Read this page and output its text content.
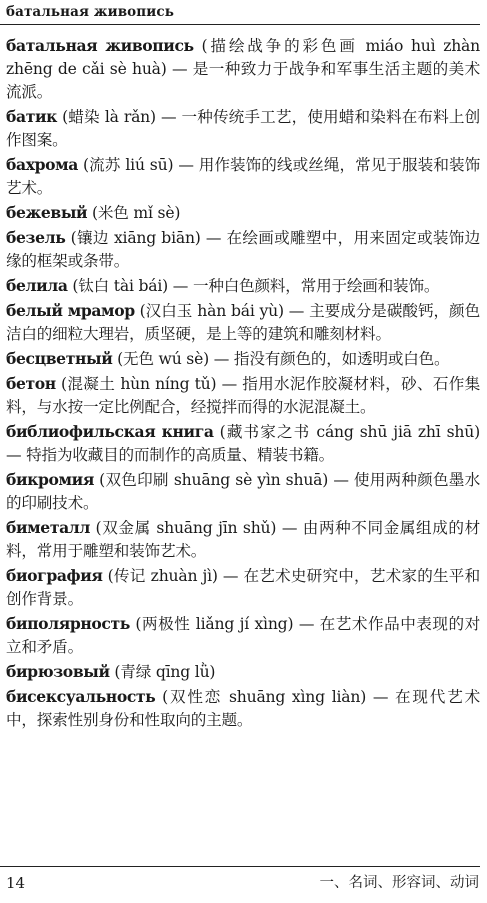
батальная живопись

батальная живопись (描绘战争的彩色画 miáo huì zhàn zhēng de cǎi sè huà) — 是一种致力于战争和军事生活主题的美术流派。

батик (蜡染 là rǎn) — 一种传统手工艺，使用蜡和染料在布料上创作图案。

бахрома (流苏 liú sū) — 用作装饰的线或丝绳，常见于服装和装饰艺术。

бежевый (米色 mǐ sè)

безель (镶边 xiāng biān) — 在绘画或雕塑中，用来固定或装饰边缘的框架或条带。

белила (钛白 tài bái) — 一种白色颜料，常用于绘画和装饰。

белый мрамор (汉白玉 hàn bái yù) — 主要成分是碳酸钙，颜色洁白的细粒大理岩，质坚硬，是上等的建筑和雕刻材料。

бесцветный (无色 wú sè) — 指没有颜色的，如透明或白色。

бетон (混凝土 hùn níng tǔ) — 指用水泥作胶凝材料，砂、石作集料，与水按一定比例配合，经搅拌而得的水泥混凝土。

библиофильская книга (藏书家之书 cáng shū jiā zhī shū) — 特指为收藏目的而制作的高质量、精装书籍。

бикромия (双色印刷 shuāng sè yìn shuā) — 使用两种颜色墨水的印刷技术。

биметалл (双金属 shuāng jīn shǔ) — 由两种不同金属组成的材料，常用于雕塑和装饰艺术。

биография (传记 zhuàn jì) — 在艺术史研究中，艺术家的生平和创作背景。

биполярность (两极性 liǎng jí xìng) — 在艺术作品中表现的对立和矛盾。

бирюзовый (青绿 qīng lǜ)

бисексуальность (双性恋 shuāng xìng liàn) — 在现代艺术中，探索性别身份和性取向的主题。

14	一、名词、形容词、动词
